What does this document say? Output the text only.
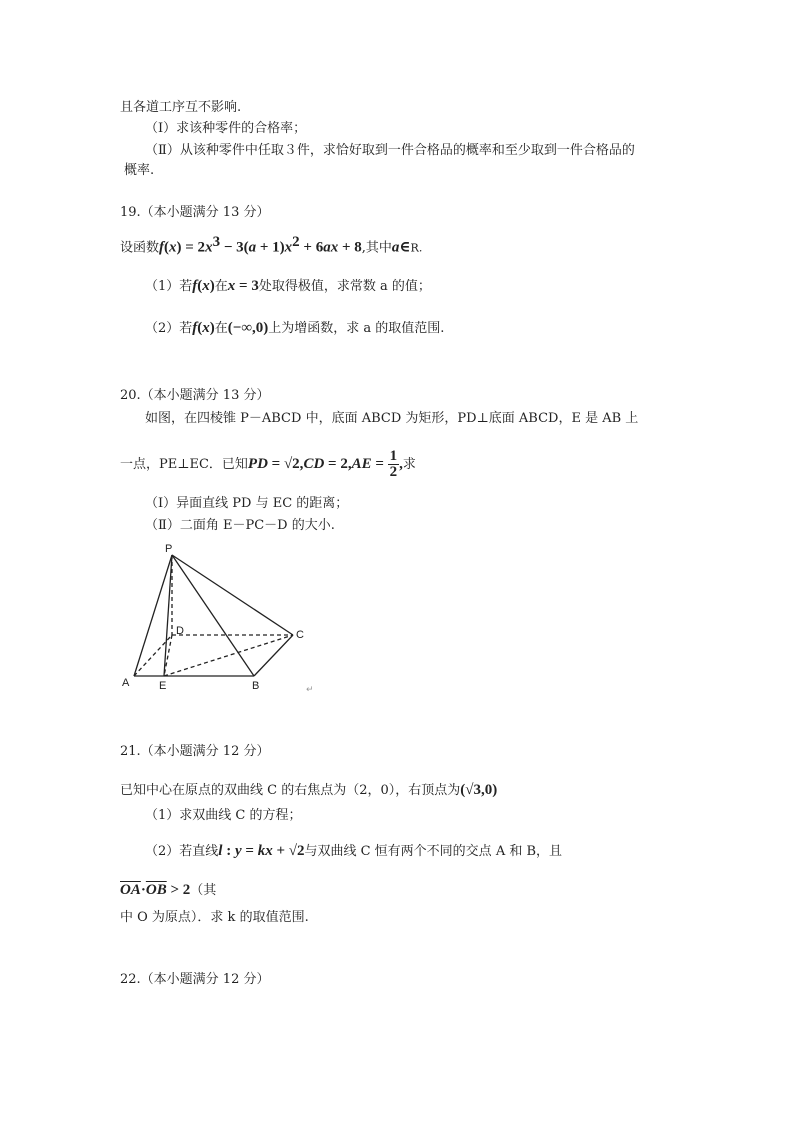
且各道工序互不影响.
（Ⅰ）求该种零件的合格率；
（Ⅱ）从该种零件中任取３件，求恰好取到一件合格品的概率和至少取到一件合格品的
概率.
19.（本小题满分 13 分）
设函数$f(x) = 2x^3 - 3(a + 1)x^2 + 6ax + 8$,其中a∈R.
（1）若f(x)在x = 3处取得极值，求常数 a 的值；
（2）若f(x)在(−∞,0)上为增函数，求 a 的取值范围.
20.（本小题满分 13 分）
如图，在四棱锥 P－ABCD 中，底面 ABCD 为矩形，PD⊥底面 ABCD，E 是 AB 上
一点，PE⊥EC．已知PD = $√2,CD = 2,AE = \frac{1}{2}$ ,求
（Ⅰ）异面直线 PD 与 EC 的距离；
（Ⅱ）二面角 E－PC－D 的大小.
P
D	C
A	E	B	↵
21.（本小题满分 12 分）
已知中心在原点的双曲线 C 的右焦点为（2，0），右顶点为(√3,0)
（1）求双曲线 C 的方程；
（2）若直线l : y = kx + √2与双曲线 C 恒有两个不同的交点 A 和 B，且
$\overline{OA}\cdot\overline{OB} > 2$（其
中 O 为原点）．求 k 的取值范围.
22.（本小题满分 12 分）
